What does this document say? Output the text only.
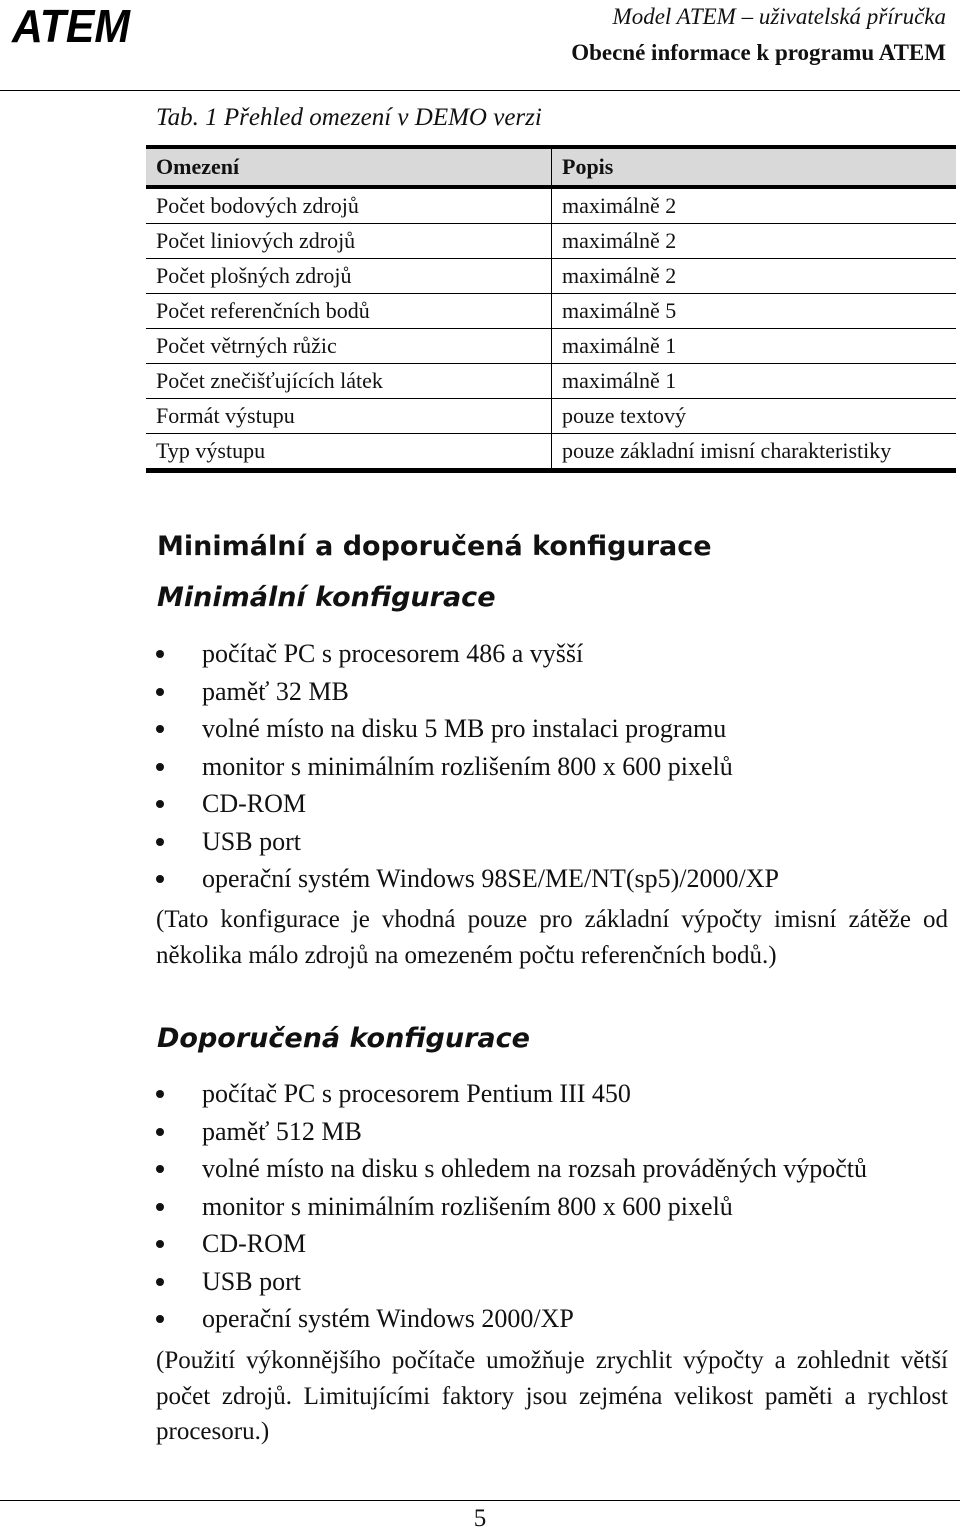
ATEM	Model ATEM – uživatelská příručka
Obecné informace k programu ATEM
Tab. 1 Přehled omezení v DEMO verzi
Omezení	Popis
Počet bodových zdrojů	maximálně 2
Počet liniových zdrojů	maximálně 2
Počet plošných zdrojů	maximálně 2
Počet referenčních bodů	maximálně 5
Počet větrných růžic	maximálně 1
Počet znečišťujících látek	maximálně 1
Formát výstupu	pouze textový
Typ výstupu	pouze základní imisní charakteristiky
Minimální a doporučená konfigurace
Minimální konfigurace
počítač PC s procesorem 486 a vyšší
paměť 32 MB
volné místo na disku 5 MB pro instalaci programu
monitor s minimálním rozlišením 800 x 600 pixelů
CD-ROM
USB port
operační systém Windows 98SE/ME/NT(sp5)/2000/XP
(Tato konfigurace je vhodná pouze pro základní výpočty imisní zátěže od několika málo zdrojů na omezeném počtu referenčních bodů.)
Doporučená konfigurace
počítač PC s procesorem Pentium III 450
paměť 512 MB
volné místo na disku s ohledem na rozsah prováděných výpočtů
monitor s minimálním rozlišením 800 x 600 pixelů
CD-ROM
USB port
operační systém Windows 2000/XP
(Použití výkonnějšího počítače umožňuje zrychlit výpočty a zohlednit větší počet zdrojů. Limitujícími faktory jsou zejména velikost paměti a rychlost procesoru.)
5
